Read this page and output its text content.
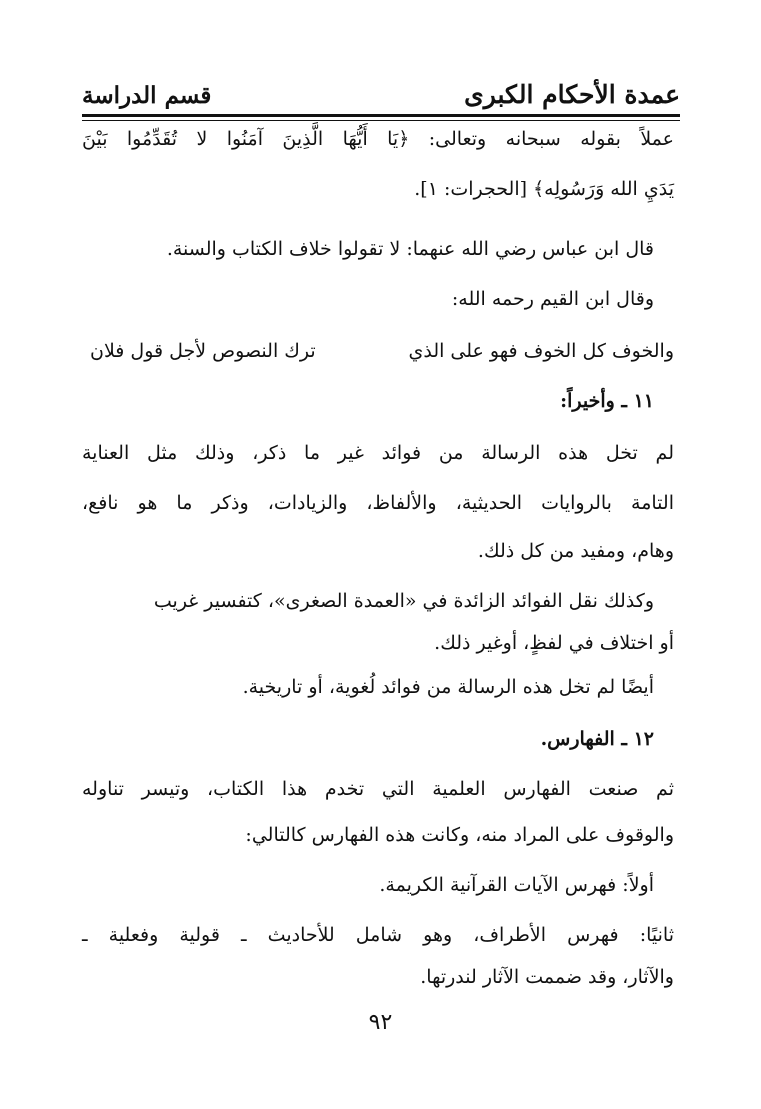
عمدة الأحكام الكبرى
قسم الدراسة
عملاً بقوله سبحانه وتعالى: ﴿يَا أَيُّهَا الَّذِينَ آمَنُوا لا تُقَدِّمُوا بَيْنَ
يَدَيِ الله وَرَسُولِه﴾ [الحجرات: ١].
قال ابن عباس رضي الله عنهما: لا تقولوا خلاف الكتاب والسنة.
وقال ابن القيم رحمه الله:
والخوف كل الخوف فهو على الذي
ترك النصوص لأجل قول فلان
١١ ـ وأخيراً:
لم تخل هذه الرسالة من فوائد غير ما ذكر، وذلك مثل العناية
التامة بالروايات الحديثية، والألفاظ، والزيادات، وذكر ما هو نافع،
وهام، ومفيد من كل ذلك.
وكذلك نقل الفوائد الزائدة في «العمدة الصغرى»، كتفسير غريب
أو اختلاف في لفظٍ، أوغير ذلك.
أيضًا لم تخل هذه الرسالة من فوائد لُغوية، أو تاريخية.
١٢ ـ الفهارس.
ثم صنعت الفهارس العلمية التي تخدم هذا الكتاب، وتيسر تناوله
والوقوف على المراد منه، وكانت هذه الفهارس كالتالي:
أولاً: فهرس الآيات القرآنية الكريمة.
ثانيًا: فهرس الأطراف، وهو شامل للأحاديث ـ قولية وفعلية ـ
والآثار، وقد ضممت الآثار لندرتها.
٩٢
